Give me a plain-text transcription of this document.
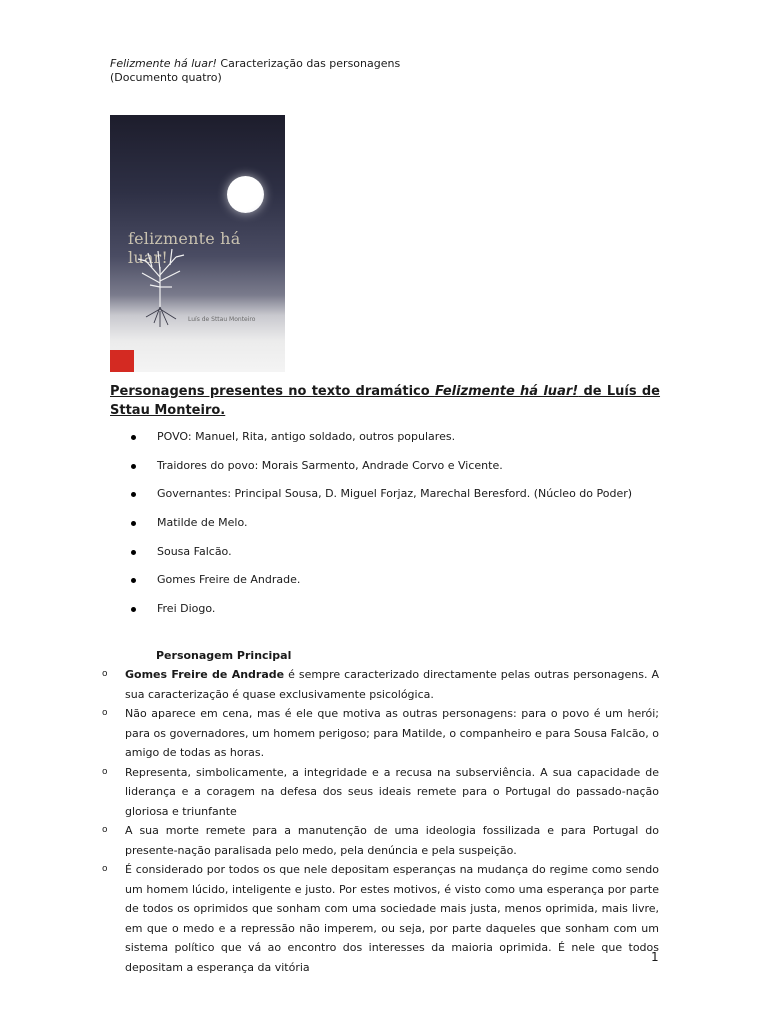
Felizmente há luar! Caracterização das personagens
(Documento quatro)
felizmente há luar!
Luís de Sttau Monteiro
Personagens presentes no texto dramático Felizmente há luar! de Luís de Sttau Monteiro.
POVO: Manuel, Rita, antigo soldado, outros populares.
Traidores do povo: Morais Sarmento, Andrade Corvo e Vicente.
Governantes: Principal Sousa, D. Miguel Forjaz, Marechal Beresford. (Núcleo do Poder)
Matilde de Melo.
Sousa Falcão.
Gomes Freire de Andrade.
Frei Diogo.
Personagem Principal
o Gomes Freire de Andrade é sempre caracterizado directamente pelas outras personagens. A sua caracterização é quase exclusivamente psicológica.
o Não aparece em cena, mas é ele que motiva as outras personagens: para o povo é um herói; para os governadores, um homem perigoso; para Matilde, o companheiro e para Sousa Falcão, o amigo de todas as horas.
o Representa, simbolicamente, a integridade e a recusa na subserviência. A sua capacidade de liderança e a coragem na defesa dos seus ideais remete para o Portugal do passado-nação gloriosa e triunfante
o A sua morte remete para a manutenção de uma ideologia fossilizada e para Portugal do presente-nação paralisada pelo medo, pela denúncia e pela suspeição.
o É considerado por todos os que nele depositam esperanças na mudança do regime como sendo um homem lúcido, inteligente e justo. Por estes motivos, é visto como uma esperança por parte de todos os oprimidos que sonham com uma sociedade mais justa, menos oprimida, mais livre, em que o medo e a repressão não imperem, ou seja, por parte daqueles que sonham com um sistema político que vá ao encontro dos interesses da maioria oprimida. É nele que todos depositam a esperança da vitória
1
